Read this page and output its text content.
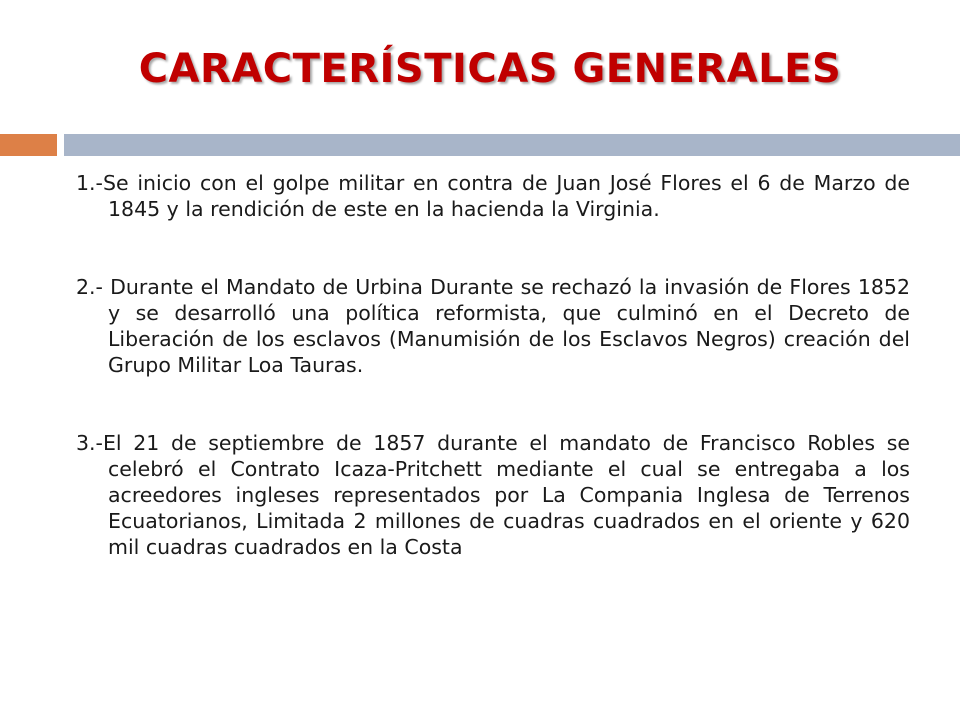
CARACTERÍSTICAS GENERALES

1.-Se inicio con el golpe militar en contra de Juan José Flores el 6 de Marzo de 1845 y la rendición de este en la hacienda la Virginia.

2.- Durante el Mandato de Urbina Durante se rechazó la invasión de Flores 1852 y se desarrolló una política reformista, que culminó en el Decreto de Liberación de los esclavos (Manumisión de los Esclavos Negros) creación del Grupo Militar Loa Tauras.

3.-El 21 de septiembre de 1857 durante el mandato de Francisco Robles se celebró el Contrato Icaza-Pritchett mediante el cual se entregaba a los acreedores ingleses representados por La Compania Inglesa de Terrenos Ecuatorianos, Limitada 2 millones de cuadras cuadrados en el oriente y 620 mil cuadras cuadrados en la Costa
